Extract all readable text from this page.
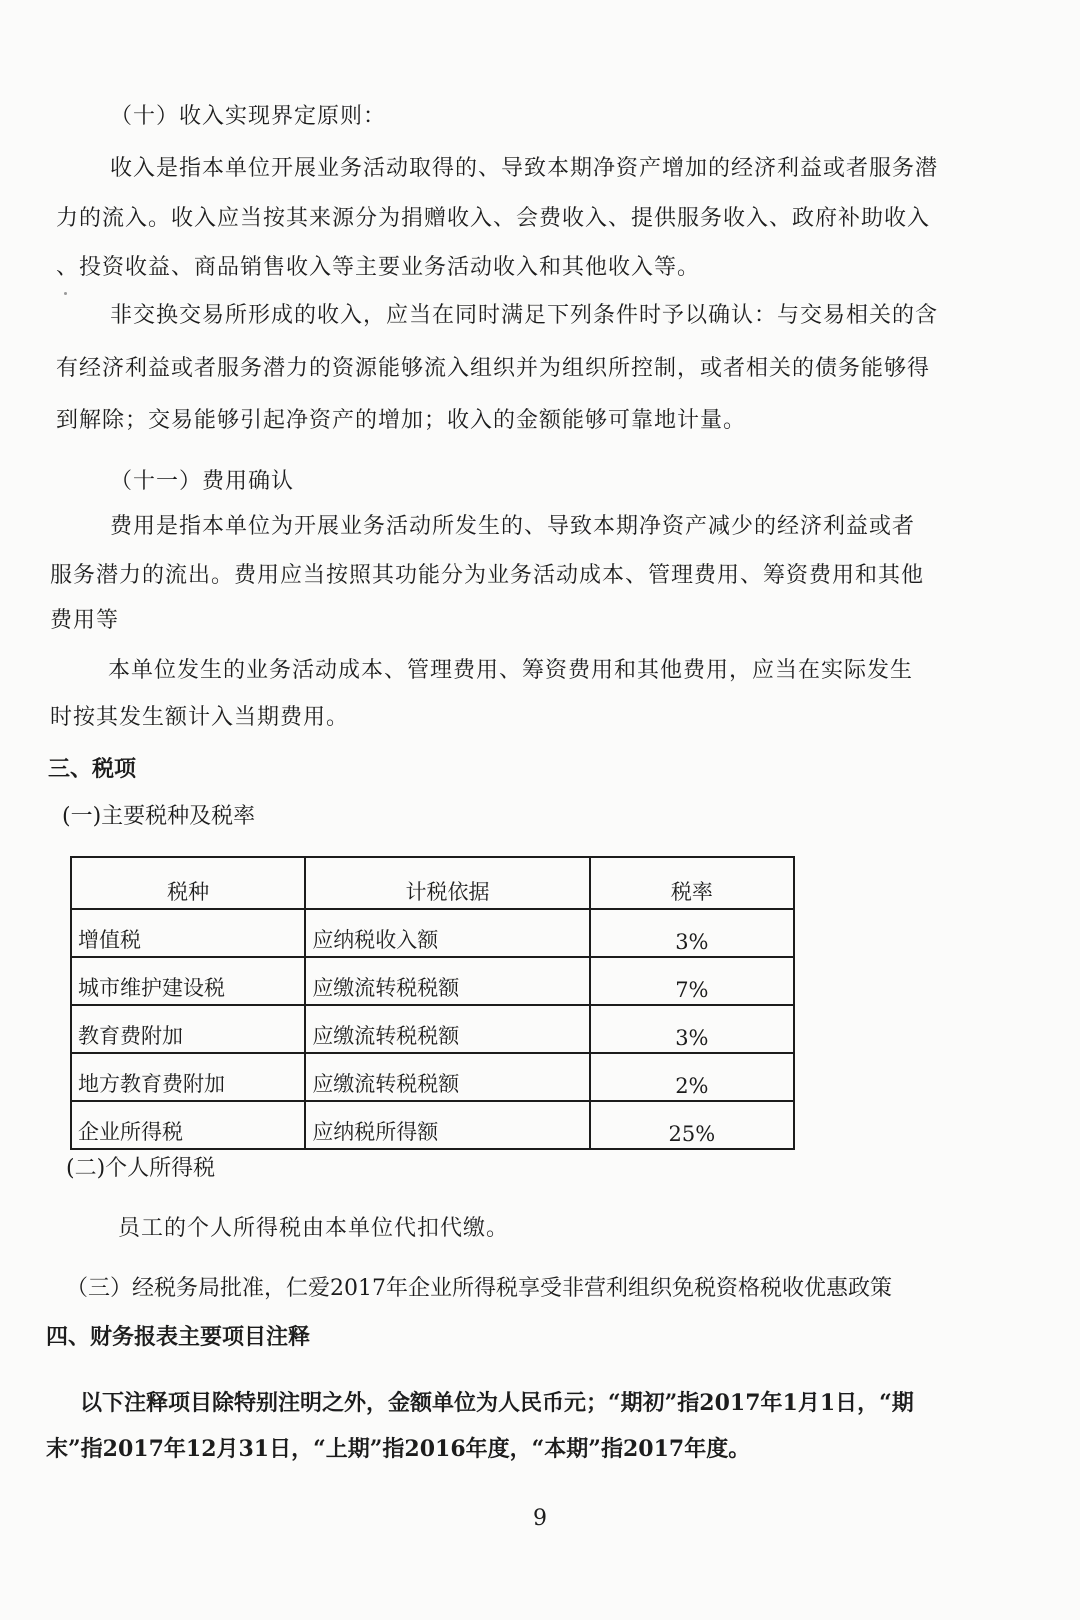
（十）收入实现界定原则：
收入是指本单位开展业务活动取得的、导致本期净资产增加的经济利益或者服务潜
力的流入。收入应当按其来源分为捐赠收入、会费收入、提供服务收入、政府补助收入
、投资收益、商品销售收入等主要业务活动收入和其他收入等。
非交换交易所形成的收入，应当在同时满足下列条件时予以确认：与交易相关的含
有经济利益或者服务潜力的资源能够流入组织并为组织所控制，或者相关的债务能够得
到解除；交易能够引起净资产的增加；收入的金额能够可靠地计量。
（十一）费用确认
费用是指本单位为开展业务活动所发生的、导致本期净资产减少的经济利益或者
服务潜力的流出。费用应当按照其功能分为业务活动成本、管理费用、筹资费用和其他
费用等
本单位发生的业务活动成本、管理费用、筹资费用和其他费用，应当在实际发生
时按其发生额计入当期费用。
三、税项
(一)主要税种及税率
税种	计税依据	税率
增值税	应纳税收入额	3%
城市维护建设税	应缴流转税税额	7%
教育费附加	应缴流转税税额	3%
地方教育费附加	应缴流转税税额	2%
企业所得税	应纳税所得额	25%
(二)个人所得税
员工的个人所得税由本单位代扣代缴。
（三）经税务局批准，仁爱2017年企业所得税享受非营利组织免税资格税收优惠政策
四、财务报表主要项目注释
以下注释项目除特别注明之外，金额单位为人民币元；“期初”指2017年1月1日，“期
末”指2017年12月31日，“上期”指2016年度，“本期”指2017年度。
9
